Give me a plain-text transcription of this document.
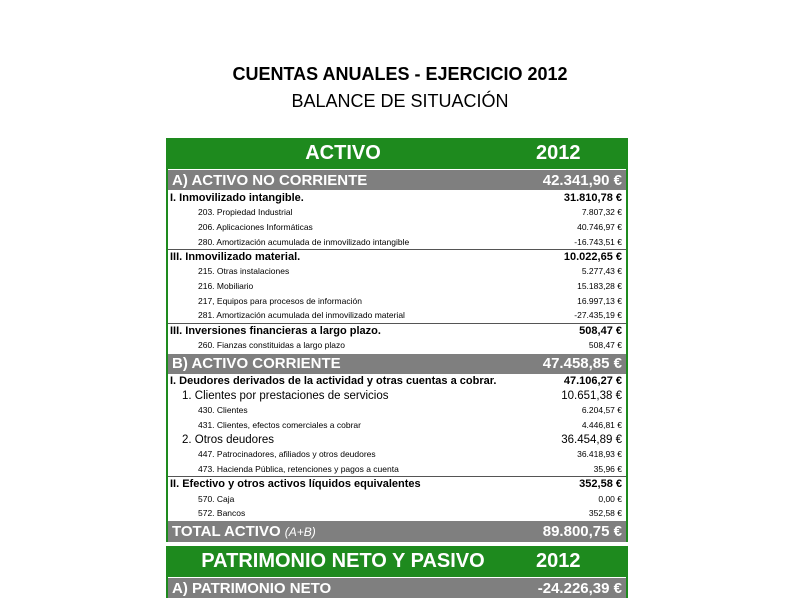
CUENTAS ANUALES - EJERCICIO 2012
BALANCE DE SITUACIÓN
ACTIVO	2012
A) ACTIVO NO CORRIENTE	42.341,90 €
I. Inmovilizado intangible.	31.810,78 €
203. Propiedad Industrial	7.807,32 €
206. Aplicaciones Informáticas	40.746,97 €
280. Amortización acumulada de inmovilizado intangible	-16.743,51 €
III. Inmovilizado material.	10.022,65 €
215. Otras instalaciones	5.277,43 €
216. Mobiliario	15.183,28 €
217, Equipos para procesos de información	16.997,13 €
281. Amortización acumulada del inmovilizado material	-27.435,19 €
III. Inversiones financieras a largo plazo.	508,47 €
260. Fianzas constituidas a largo plazo	508,47 €
B) ACTIVO CORRIENTE	47.458,85 €
I. Deudores derivados de la actividad y otras cuentas a cobrar.	47.106,27 €
1. Clientes por prestaciones de servicios	10.651,38 €
430. Clientes	6.204,57 €
431. Clientes, efectos comerciales a cobrar	4.446,81 €
2. Otros deudores	36.454,89 €
447. Patrocinadores, afiliados y otros deudores	36.418,93 €
473. Hacienda Pública, retenciones y pagos a cuenta	35,96 €
II. Efectivo y otros activos líquidos equivalentes	352,58 €
570. Caja	0,00 €
572. Bancos	352,58 €
TOTAL ACTIVO (A+B)	89.800,75 €
PATRIMONIO NETO Y PASIVO	2012
A) PATRIMONIO NETO	-24.226,39 €
